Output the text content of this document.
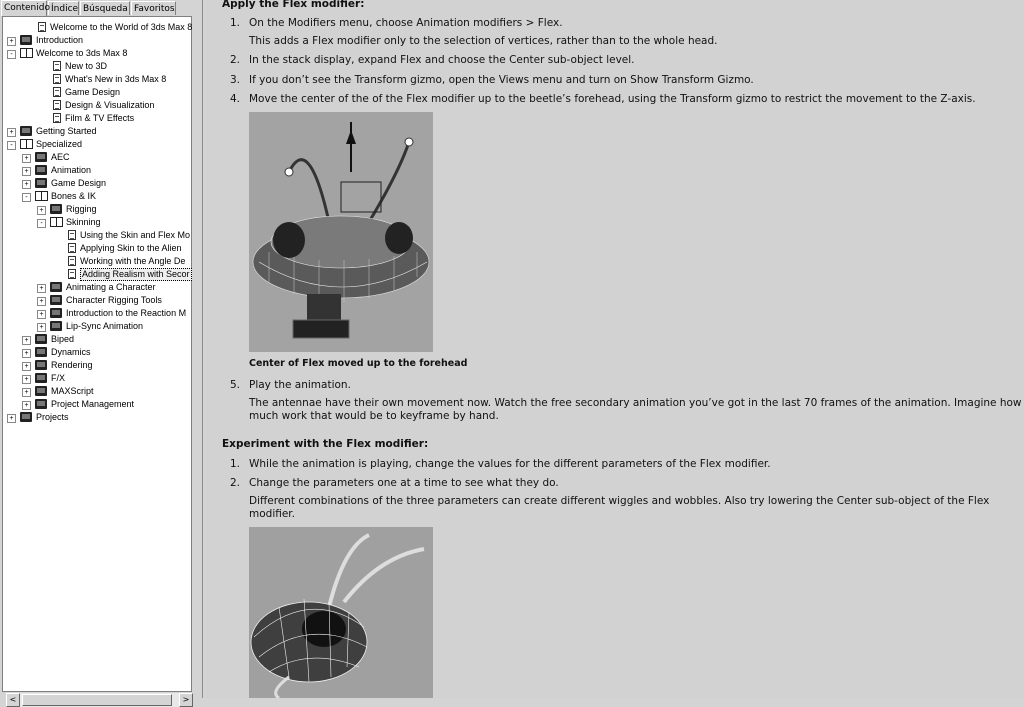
Contenido Índice Búsqueda Favoritos
Welcome to the World of 3ds Max 8
+ Introduction
-	Welcome to 3ds Max 8
New to 3D
What's New in 3ds Max 8
Game Design
Design & Visualization
Film & TV Effects
+ Getting Started
-	Specialized
+ AEC
+ Animation
+ Game Design
-	Bones & IK
+ Rigging
-	Skinning
Using the Skin and Flex Mo
Applying Skin to the Alien
Working with the Angle De
Adding Realism with Secor
+ Animating a Character
+ Character Rigging Tools
+ Introduction to the Reaction M
+ Lip-Sync Animation
+ Biped
+ Dynamics
+ Rendering
+ F/X
+ MAXScript
+ Project Management
+ Projects
<	>
Apply the Flex modifier:
1. On the Modifiers menu, choose Animation modifiers > Flex.
This adds a Flex modifier only to the selection of vertices, rather than to the whole head.
2. In the stack display, expand Flex and choose the Center sub-object level.
3. If you don’t see the Transform gizmo, open the Views menu and turn on Show Transform Gizmo.
4. Move the center of the of the Flex modifier up to the beetle’s forehead, using the Transform gizmo to restrict the movement to the Z-axis.
Center of Flex moved up to the forehead
5. Play the animation.
The antennae have their own movement now. Watch the free secondary animation you’ve got in the last 70 frames of the animation. Imagine how
much work that would be to keyframe by hand.
Experiment with the Flex modifier:
1. While the animation is playing, change the values for the different parameters of the Flex modifier.
2. Change the parameters one at a time to see what they do.
Different combinations of the three parameters can create different wiggles and wobbles. Also try lowering the Center sub-object of the Flex
modifier.
